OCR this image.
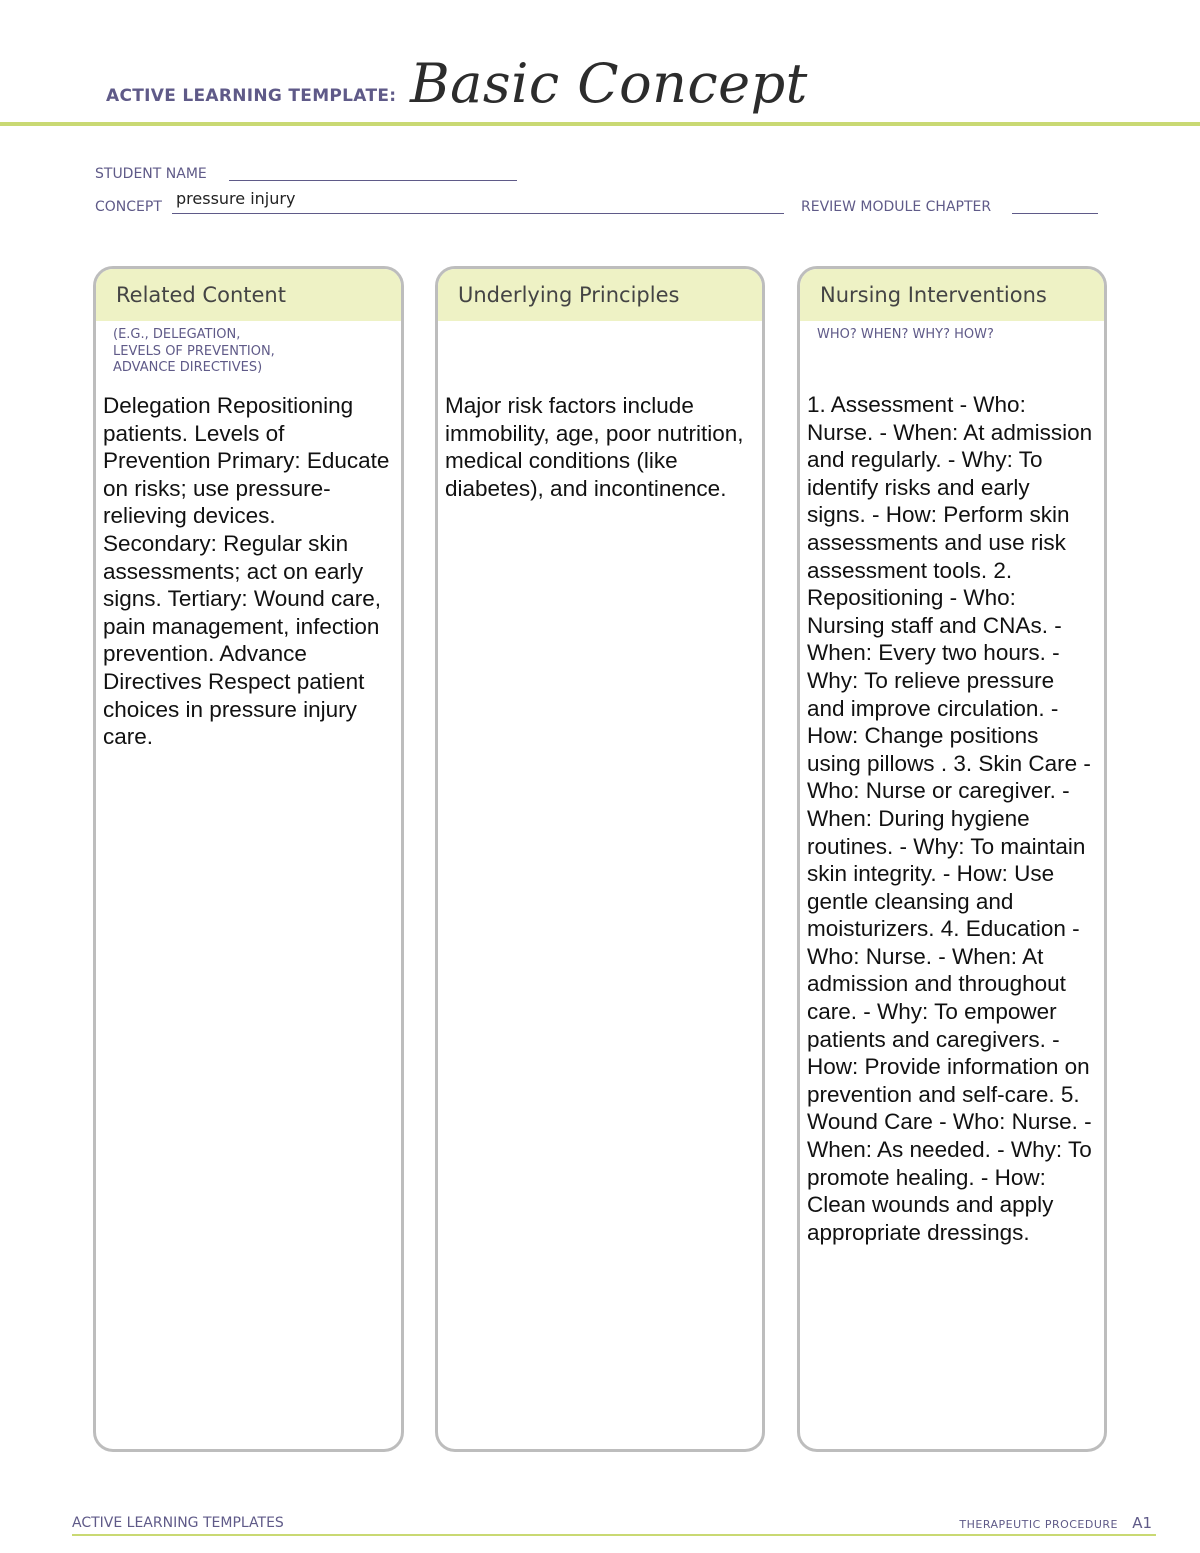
ACTIVE LEARNING TEMPLATE: Basic Concept
STUDENT NAME
CONCEPT pressure injury	REVIEW MODULE CHAPTER
Related Content
(E.G., DELEGATION,
LEVELS OF PREVENTION,
ADVANCE DIRECTIVES)
Delegation Repositioning patients. Levels of Prevention Primary: Educate on risks; use pressure-relieving devices. Secondary: Regular skin assessments; act on early signs. Tertiary: Wound care, pain management, infection prevention. Advance Directives Respect patient choices in pressure injury care.
Underlying Principles
Major risk factors include immobility, age, poor nutrition, medical conditions (like diabetes), and incontinence.
Nursing Interventions
WHO? WHEN? WHY? HOW?
1. Assessment - Who: Nurse. - When: At admission and regularly. - Why: To identify risks and early signs. - How: Perform skin assessments and use risk assessment tools. 2. Repositioning - Who: Nursing staff and CNAs. - When: Every two hours. - Why: To relieve pressure and improve circulation. - How: Change positions using pillows . 3. Skin Care - Who: Nurse or caregiver. - When: During hygiene routines. - Why: To maintain skin integrity. - How: Use gentle cleansing and moisturizers. 4. Education - Who: Nurse. - When: At admission and throughout care. - Why: To empower patients and caregivers. - How: Provide information on prevention and self-care. 5. Wound Care - Who: Nurse. - When: As needed. - Why: To promote healing. - How: Clean wounds and apply appropriate dressings.
ACTIVE LEARNING TEMPLATES	THERAPEUTIC PROCEDURE A1
